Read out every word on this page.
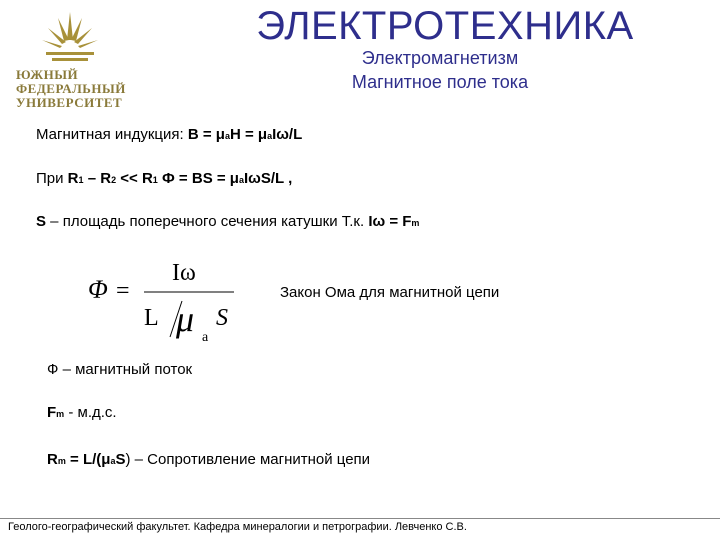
ЮЖНЫЙ
ФЕДЕРАЛЬНЫЙ
УНИВЕРСИТЕТ
ЭЛЕКТРОТЕХНИКА
Электромагнетизм
Магнитное поле тока
Магнитная индукция: B = μaH = μaIω/L
При R1 – R2 << R1 Ф = BS = μaIωS/L ,
S – площадь поперечного сечения катушки Т.к. Iω = Fm
Φ =
Iω
L μ a
S
Закон Ома для магнитной цепи
Ф – магнитный поток
Fm - м.д.с.
Rm = L/(μaS) – Сопротивление магнитной цепи
Геолого-географический факультет. Кафедра минералогии и петрографии. Левченко С.В.
